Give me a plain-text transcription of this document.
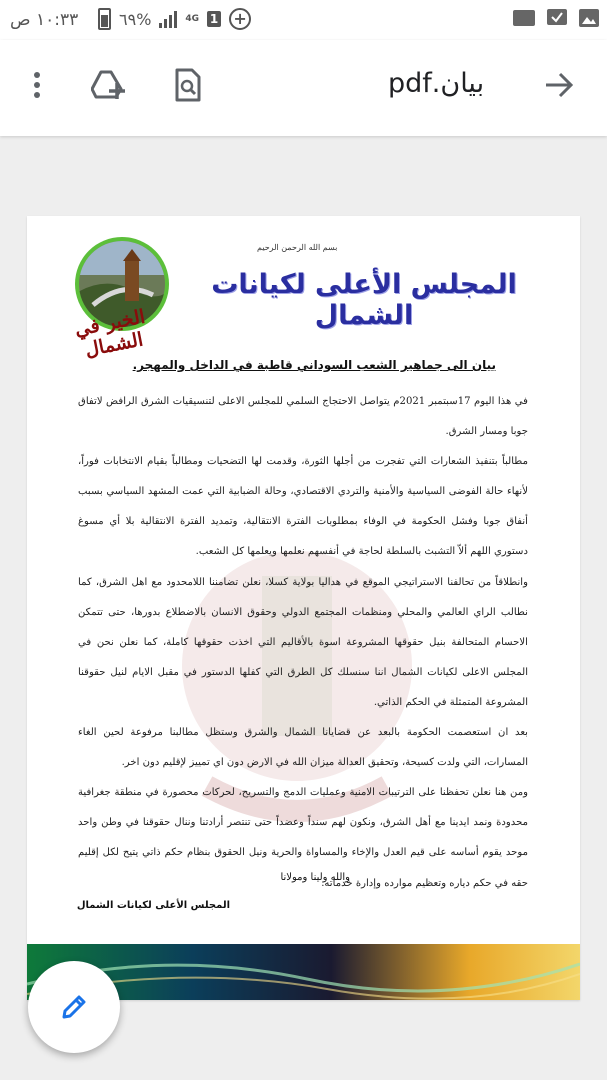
١٠:٣٣ ص	٦٩%	4G 1 +
بيان.pdf
الخير في الشمال
بسم الله الرحمن الرحيم
المجلس الأعلى لكيانات الشمال
بيان الى جماهير الشعب السوداني قاطبة في الداخل والمهجر.

في هذا اليوم 17سبتمبر 2021م يتواصل الاحتجاج السلمي للمجلس الاعلى لتنسيقيات الشرق الرافض لاتفاق جوبا ومسار الشرق.

مطالباً بتنفيذ الشعارات التي تفجرت من أجلها الثورة، وقدمت لها التضحيات ومطالباً بقيام الانتخابات فوراً، لأنهاء حالة الفوضى السياسية والأمنية والتردي الاقتصادي، وحالة الضبابية التي عمت المشهد السياسي بسبب أنفاق جوبا وفشل الحكومة في الوفاء بمطلوبات الفترة الانتقالية، وتمديد الفترة الانتقالية بلا أي مسوغ دستوري اللهم ألاّ التشبث بالسلطة لحاجة في أنفسهم نعلمها ويعلمها كل الشعب.

وانطلاقاً من تحالفنا الاستراتيجي الموقع في هداليا بولاية كسلا، نعلن تضامننا اللامحدود مع اهل الشرق، كما نطالب الراي العالمي والمحلي ومنظمات المجتمع الدولي وحقوق الانسان بالاضطلاع بدورها، حتى تتمكن الاحسام المتحالفة بنيل حقوقها المشروعة اسوة بالأقاليم التي اخذت حقوقها كاملة، كما نعلن نحن في المجلس الاعلى لكيانات الشمال اننا سنسلك كل الطرق التي كفلها الدستور في مقبل الايام لنيل حقوقنا المشروعة المتمثلة في الحكم الذاتي.

بعد ان استعصمت الحكومة بالبعد عن قضايانا الشمال والشرق وستظل مطالبنا مرفوعة لحين الغاء المسارات، التي ولدت كسيحة، وتحقيق العدالة ميزان الله في الارض دون اي تمييز لإقليم دون اخر.

ومن هنا نعلن تحفظنا على الترتيبات الامنية وعمليات الدمج والتسريح، لحركات محصورة في منطقة جغرافية محدودة ونمد ايدينا مع أهل الشرق، ونكون لهم سنداً وعضداً حتى تنتصر أرادتنا وننال حقوقنا في وطن واحد موحد يقوم أساسه على قيم العدل والإخاء والمساواة والحرية ونيل الحقوق بنظام حكم ذاتي يتيح لكل إقليم حقه في حكم دياره وتعظيم موارده وإدارة خدماته.

والله ولينا ومولانا
المجلس الأعلى لكيانات الشمال
